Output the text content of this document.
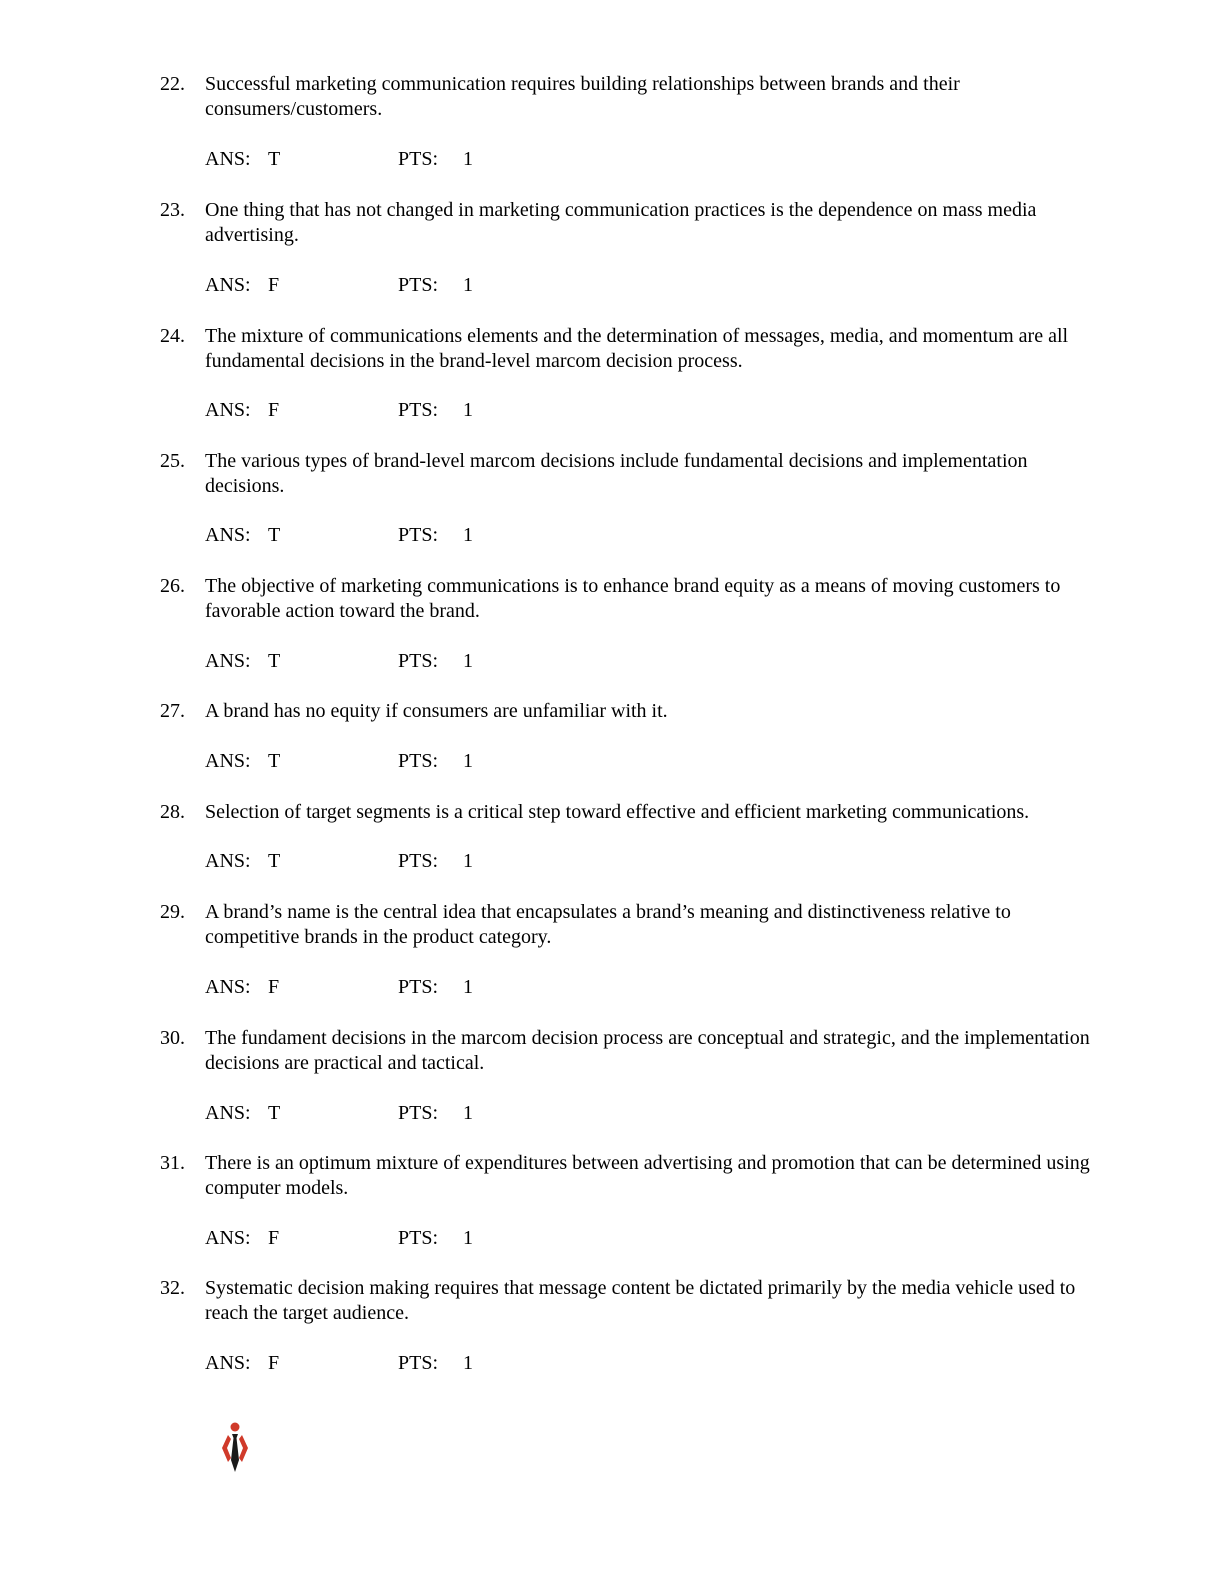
22. Successful marketing communication requires building relationships between brands and their consumers/customers.
ANS: T	PTS: 1
23. One thing that has not changed in marketing communication practices is the dependence on mass media advertising.
ANS: F	PTS: 1
24. The mixture of communications elements and the determination of messages, media, and momentum are all fundamental decisions in the brand-level marcom decision process.
ANS: F	PTS: 1
25. The various types of brand-level marcom decisions include fundamental decisions and implementation decisions.
ANS: T	PTS: 1
26. The objective of marketing communications is to enhance brand equity as a means of moving customers to favorable action toward the brand.
ANS: T	PTS: 1
27. A brand has no equity if consumers are unfamiliar with it.
ANS: T	PTS: 1
28. Selection of target segments is a critical step toward effective and efficient marketing communications.
ANS: T	PTS: 1
29. A brand’s name is the central idea that encapsulates a brand’s meaning and distinctiveness relative to competitive brands in the product category.
ANS: F	PTS: 1
30. The fundament decisions in the marcom decision process are conceptual and strategic, and the implementation decisions are practical and tactical.
ANS: T	PTS: 1
31. There is an optimum mixture of expenditures between advertising and promotion that can be determined using computer models.
ANS: F	PTS: 1
32. Systematic decision making requires that message content be dictated primarily by the media vehicle used to reach the target audience.
ANS: F	PTS: 1
